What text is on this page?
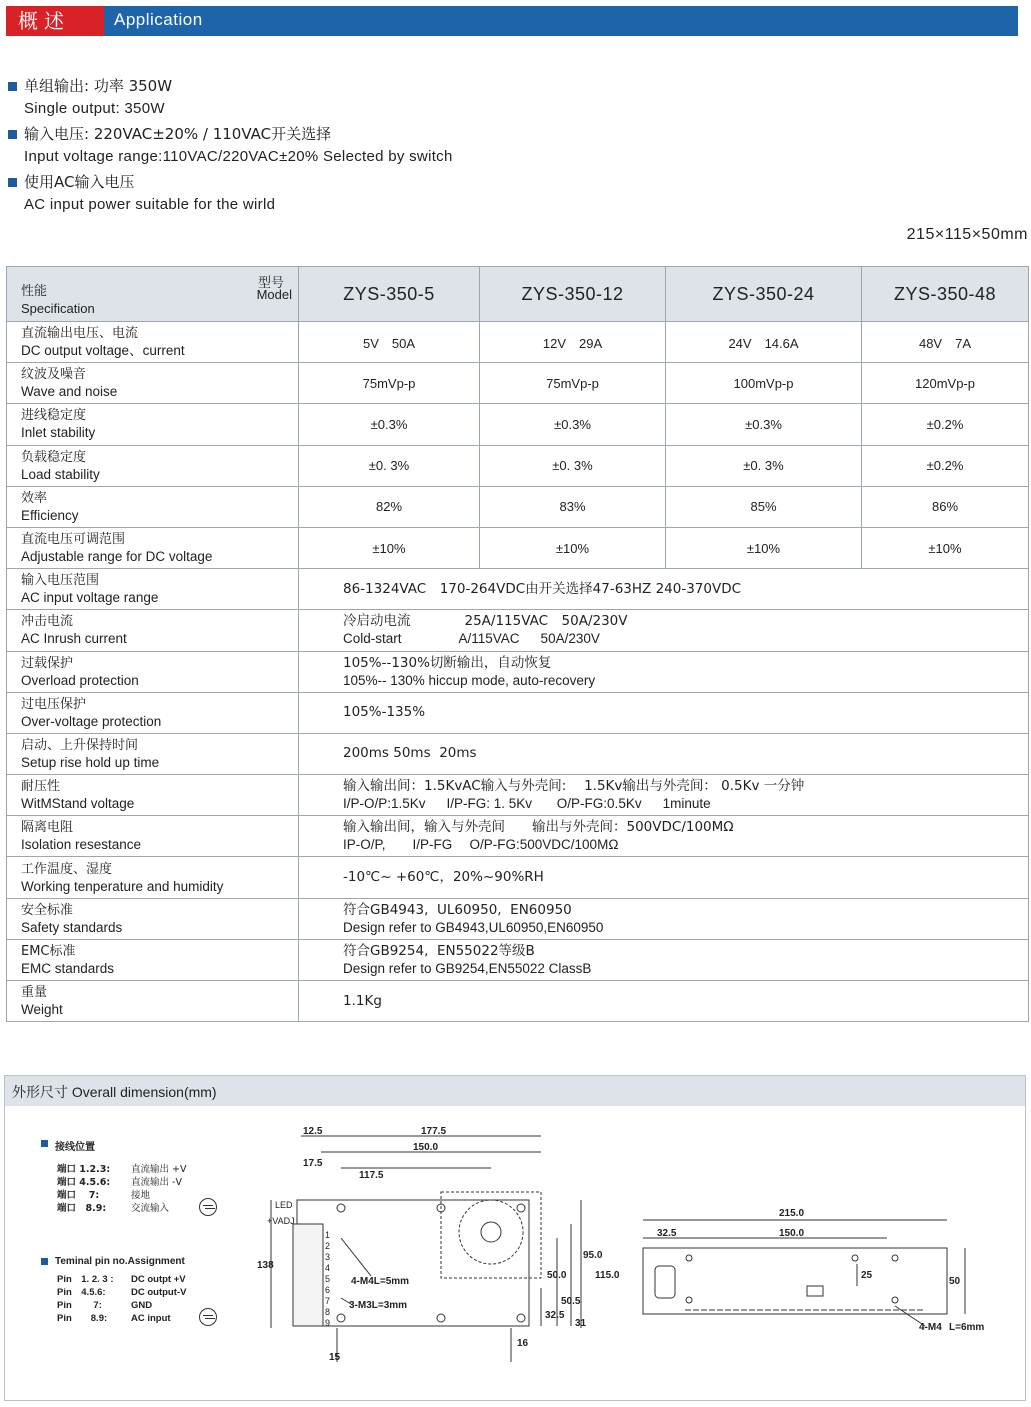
概述	Application
单组输出: 功率 350W
Single output: 350W
输入电压: 220VAC±20% / 110VAC开关选择
Input voltage range:110VAC/220VAC±20% Selected by switch
使用AC输入电压
AC input power suitable for the wirld
215×115×50mm
型号
Model
性能
Specification	ZYS-350-5	ZYS-350-12	ZYS-350-24	ZYS-350-48

直流输出电压、电流
DC output voltage、current	5V　50A	12V　29A	24V　14.6A	48V　7A

纹波及噪音
Wave and noise	75mVp-p	75mVp-p	100mVp-p	120mVp-p

进线稳定度
Inlet stability	±0.3%	±0.3%	±0.3%	±0.2%

负载稳定度
Load stability	±0. 3%	±0. 3%	±0. 3%	±0.2%

效率
Efficiency	82%	83%	85%	86%

直流电压可调范围
Adjustable range for DC voltage	±10%	±10%	±10%	±10%

输入电压范围
AC input voltage range	86-1324VAC　170-264VDC由开关选择47-63HZ 240-370VDC			

冲击电流
AC Inrush current	冷启动电流　　　　25A/115VAC　50A/230V
Cold-start　　　　 A/115VAC　  50A/230V			

过载保护
Overload protection	105%--130%切断输出，自动恢复
105%-- 130% hiccup mode, auto-recovery			

过电压保护
Over-voltage protection	105%-135%			

启动、上升保持时间
Setup rise hold up time	200ms 50ms  20ms			

耐压性
WitMStand voltage	输入输出间：1.5KvAC输入与外壳间:　 1.5Kv输出与外壳间： 0.5Kv 一分钟
I/P-O/P:1.5Kv　  I/P-FG: 1. 5Kv　   O/P-FG:0.5Kv　  1minute			

隔离电阻
Isolation resestance	输入输出间，输入与外壳间　　输出与外壳间：500VDC/100MΩ
IP-O/P,　　I/P-FG　 O/P-FG:500VDC/100MΩ			

工作温度、湿度
Working tenperature and humidity	-10℃~ +60℃，20%~90%RH			

安全标准
Safety standards	符合GB4943,  UL60950,  EN60950
Design refer to GB4943,UL60950,EN60950			

EMC标准
EMC standards	符合GB9254,  EN55022等级B
Design refer to GB9254,EN55022 ClassB			

重量
Weight	1.1Kg			
外形尺寸 Overall dimension(mm)
接线位置
端口 1.2.3:	直流输出 +V
端口 4.5.6:	直流输出 -V
端口　 7:	接地
端口　8.9:	交流输入
Teminal pin no.Assignment
Pin　1. 2. 3 :	DC outpt +V
Pin　4.5.6:	DC output-V
Pin　　 7:	GND
Pin　　8.9:	AC input
12.5	177.5
150.0
17.5
117.5
138
50.0
95.0
115.0
32.5
50.5
31
15
16
4-M4L=5mm
3-M3L=3mm
LED
+VADJ
1
2
3
4
5
6
7
8
9
215.0
150.0
32.5
25
50
4-M4 L=6mm
